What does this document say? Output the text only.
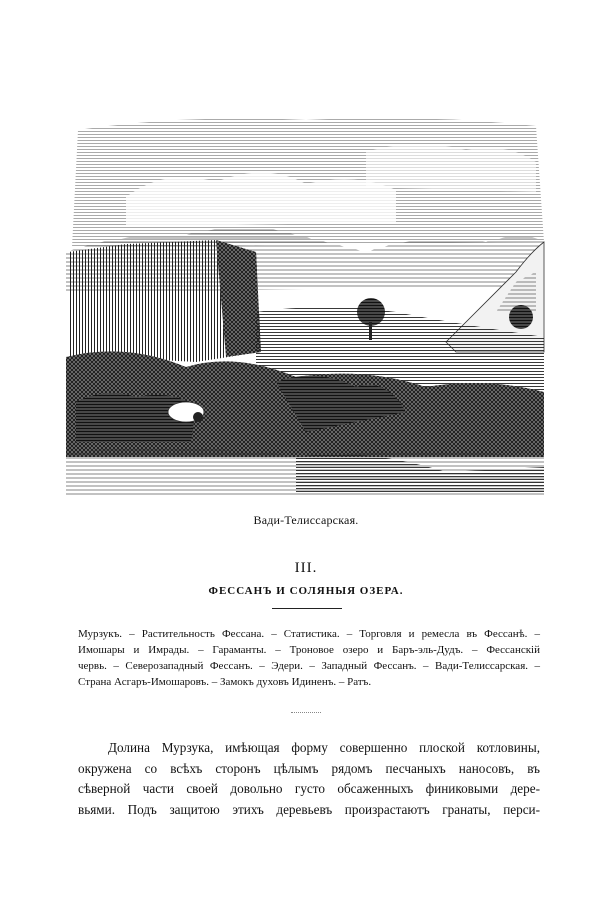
Вади-Телиссарская.
III.
ФЕССАНЪ И СОЛЯНЫЯ ОЗЕРА.
Мурзукъ. – Растительность Фессана. – Статистика. – Торговля и ремесла въ Фессанѣ. –
Имошары и Имрады. – Гараманты. – Троновое озеро и Баръ-эль-Дудъ. – Фессанскій
червь. – Северозападный Фессанъ. – Эдери. – Западный Фессанъ. – Вади-Телиссарская. –
Страна Асгаръ-Имошаровъ. – Замокъ духовъ Идиненъ. – Ратъ.
Долина Мурзука, имѣющая форму совершенно плоской котловины,
окружена со всѣхъ сторонъ цѣлымъ рядомъ песчаныхъ наносовъ, въ
сѣверной части своей довольно густо обсаженныхъ финиковыми дере-
вьями. Подъ защитою этихъ деревьевъ произрастаютъ гранаты, перси-
